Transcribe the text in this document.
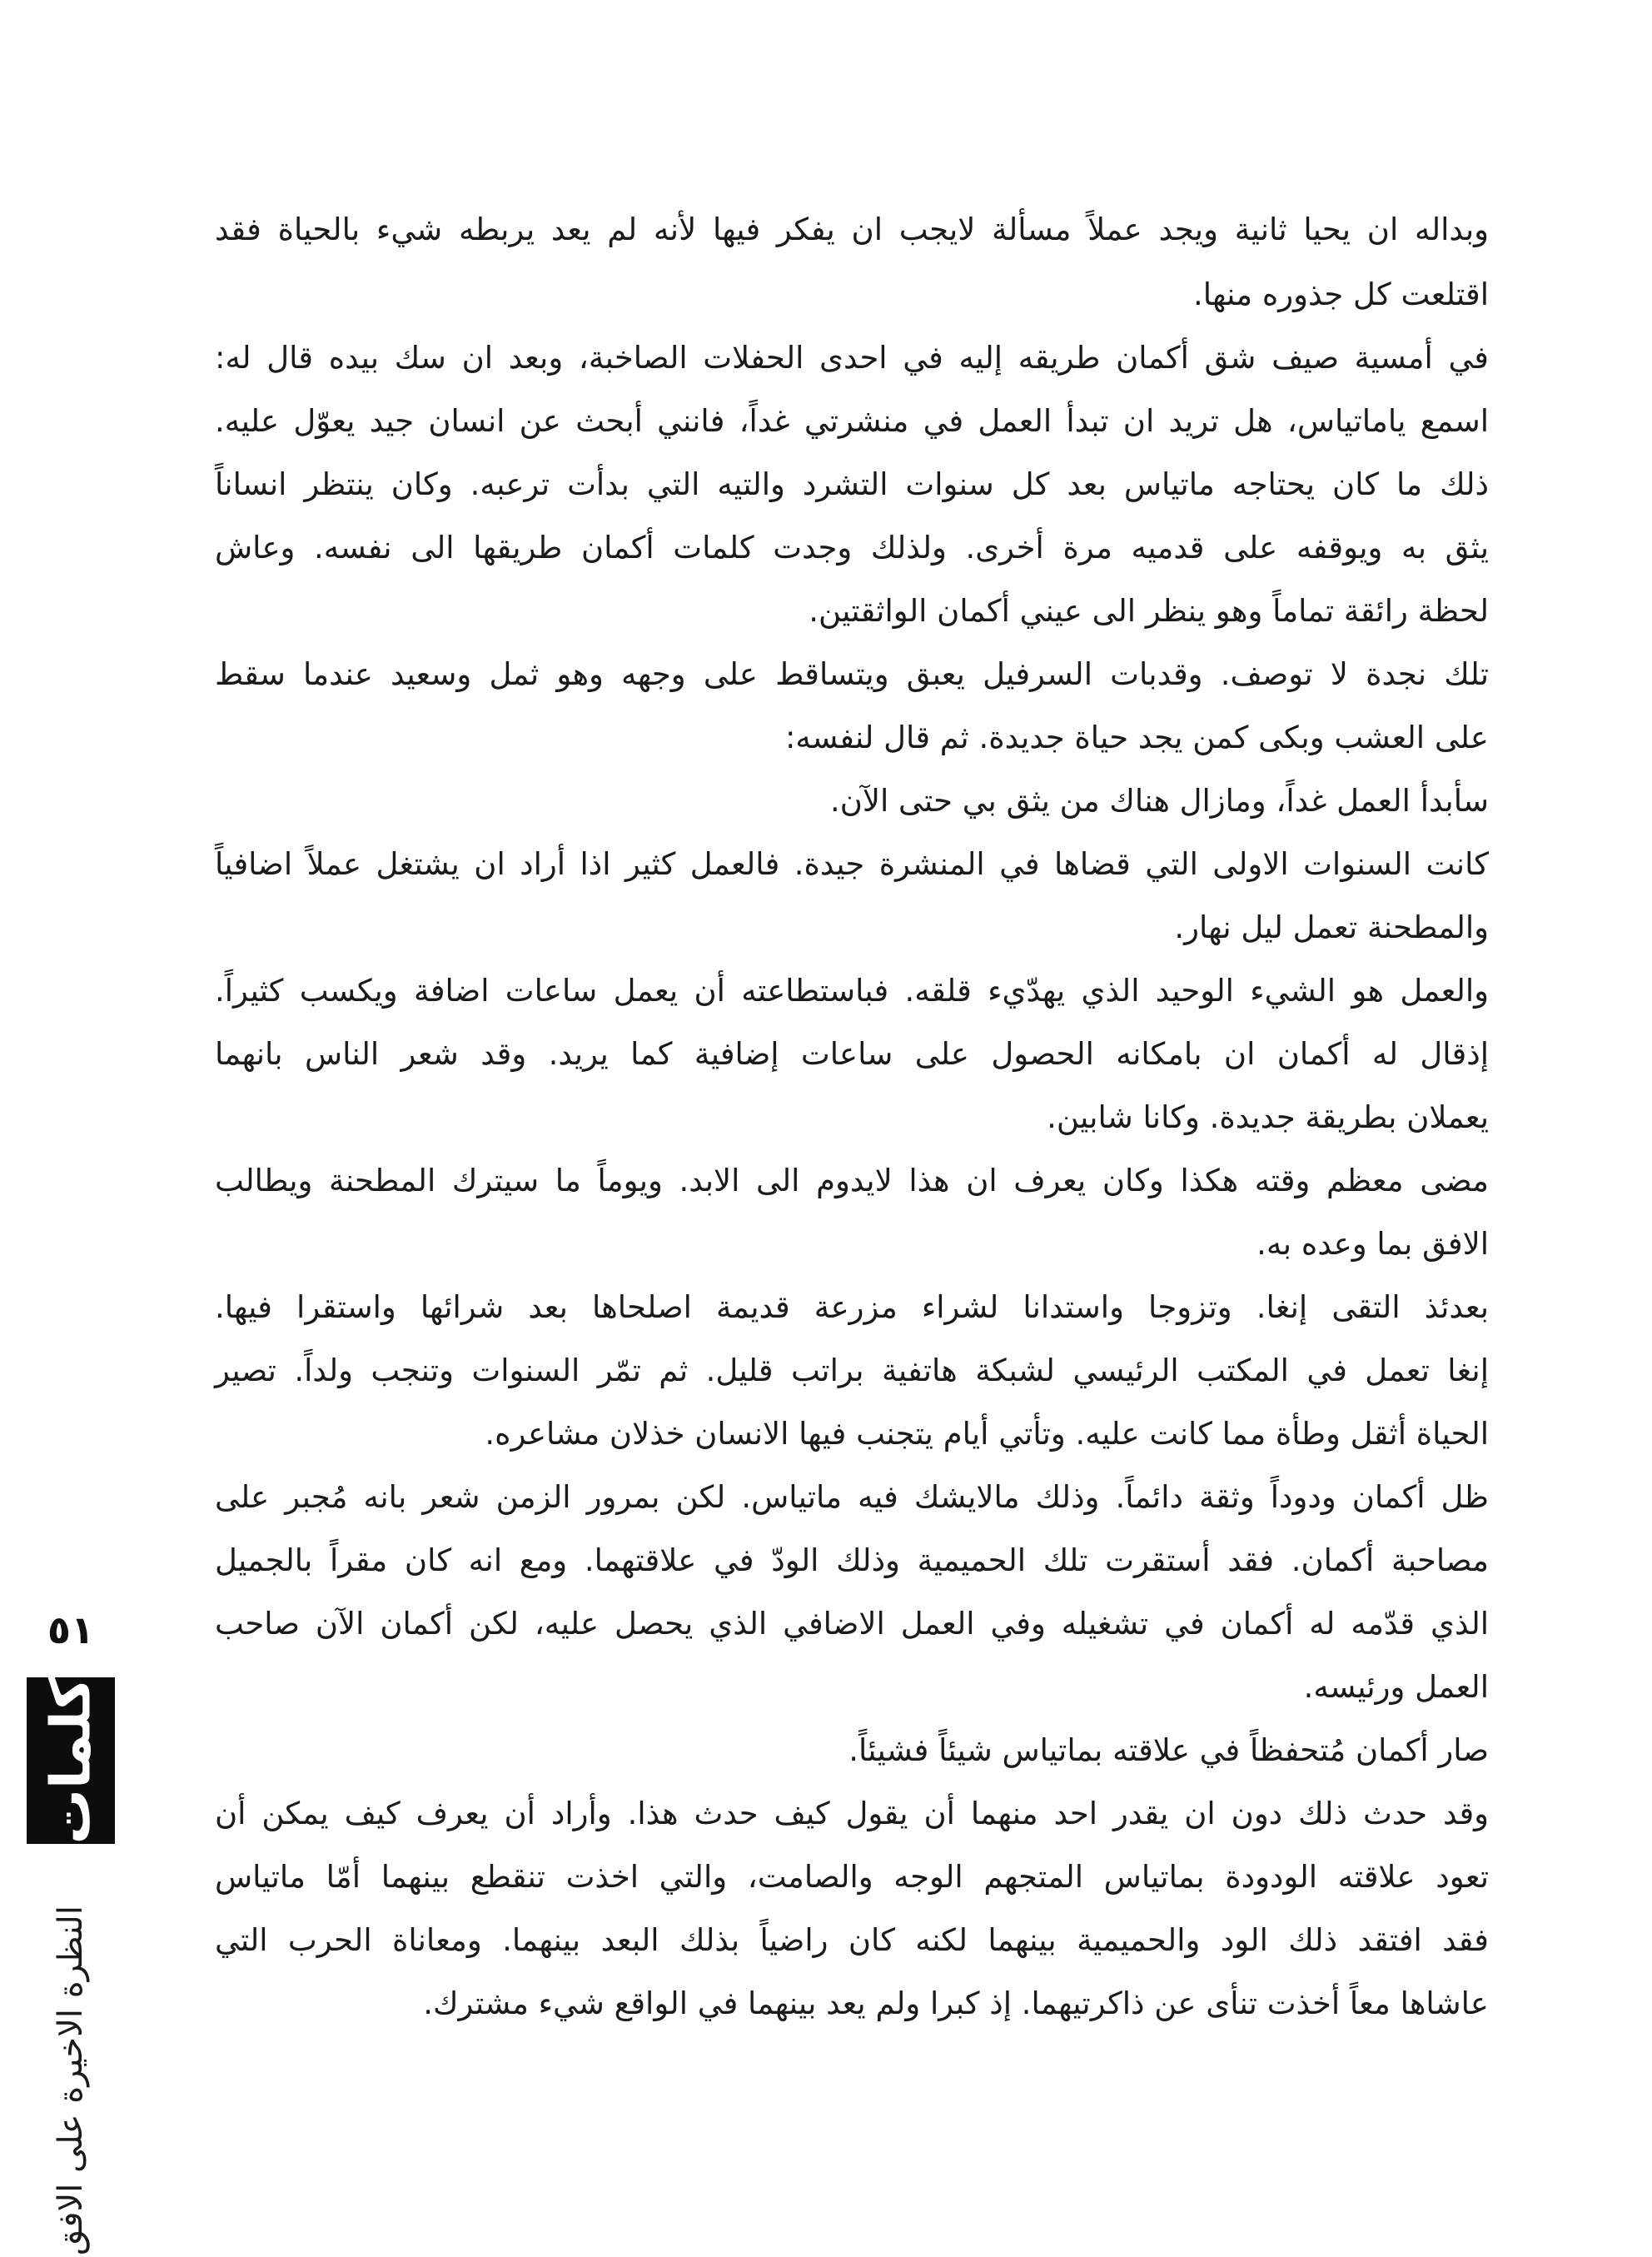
وبداله ان يحيا ثانية ويجد عملاً مسألة لايجب ان يفكر فيها لأنه لم يعد يربطه شيء بالحياة فقد
اقتلعت كل جذوره منها.
في أمسية صيف شق أكمان طريقه إليه في احدى الحفلات الصاخبة، وبعد ان سك بيده قال له:
اسمع ياماتياس، هل تريد ان تبدأ العمل في منشرتي غداً، فانني أبحث عن انسان جيد يعوّل عليه.
ذلك ما كان يحتاجه ماتياس بعد كل سنوات التشرد والتيه التي بدأت ترعبه. وكان ينتظر انساناً
يثق به ويوقفه على قدميه مرة أخرى. ولذلك وجدت كلمات أكمان طريقها الى نفسه. وعاش
لحظة رائقة تماماً وهو ينظر الى عيني أكمان الواثقتين.
تلك نجدة لا توصف. وقدبات السرفيل يعبق ويتساقط على وجهه وهو ثمل وسعيد عندما سقط
على العشب وبكى كمن يجد حياة جديدة. ثم قال لنفسه:
سأبدأ العمل غداً، ومازال هناك من يثق بي حتى الآن.
كانت السنوات الاولى التي قضاها في المنشرة جيدة. فالعمل كثير اذا أراد ان يشتغل عملاً اضافياً
والمطحنة تعمل ليل نهار.
والعمل هو الشيء الوحيد الذي يهدّيء قلقه. فباستطاعته أن يعمل ساعات اضافة ويكسب كثيراً.
إذقال له أكمان ان بامكانه الحصول على ساعات إضافية كما يريد. وقد شعر الناس بانهما
يعملان بطريقة جديدة. وكانا شابين.
مضى معظم وقته هكذا وكان يعرف ان هذا لايدوم الى الابد. ويوماً ما سيترك المطحنة ويطالب
الافق بما وعده به.
بعدئذ التقى إنغا. وتزوجا واستدانا لشراء مزرعة قديمة اصلحاها بعد شرائها واستقرا فيها.
إنغا تعمل في المكتب الرئيسي لشبكة هاتفية براتب قليل. ثم تمّر السنوات وتنجب ولداً. تصير
الحياة أثقل وطأة مما كانت عليه. وتأتي أيام يتجنب فيها الانسان خذلان مشاعره.
ظل أكمان ودوداً وثقة دائماً. وذلك مالايشك فيه ماتياس. لكن بمرور الزمن شعر بانه مُجبر على
مصاحبة أكمان. فقد أستقرت تلك الحميمية وذلك الودّ في علاقتهما. ومع انه كان مقراً بالجميل
الذي قدّمه له أكمان في تشغيله وفي العمل الاضافي الذي يحصل عليه، لكن أكمان الآن صاحب
العمل ورئيسه.
صار أكمان مُتحفظاً في علاقته بماتياس شيئاً فشيئاً.
وقد حدث ذلك دون ان يقدر احد منهما أن يقول كيف حدث هذا. وأراد أن يعرف كيف يمكن أن
تعود علاقته الودودة بماتياس المتجهم الوجه والصامت، والتي اخذت تنقطع بينهما أمّا ماتياس
فقد افتقد ذلك الود والحميمية بينهما لكنه كان راضياً بذلك البعد بينهما. ومعاناة الحرب التي
عاشاها معاً أخذت تنأى عن ذاكرتيهما. إذ كبرا ولم يعد بينهما في الواقع شيء مشترك.
٥١
كلمات
النظرة الاخيرة على الافق
